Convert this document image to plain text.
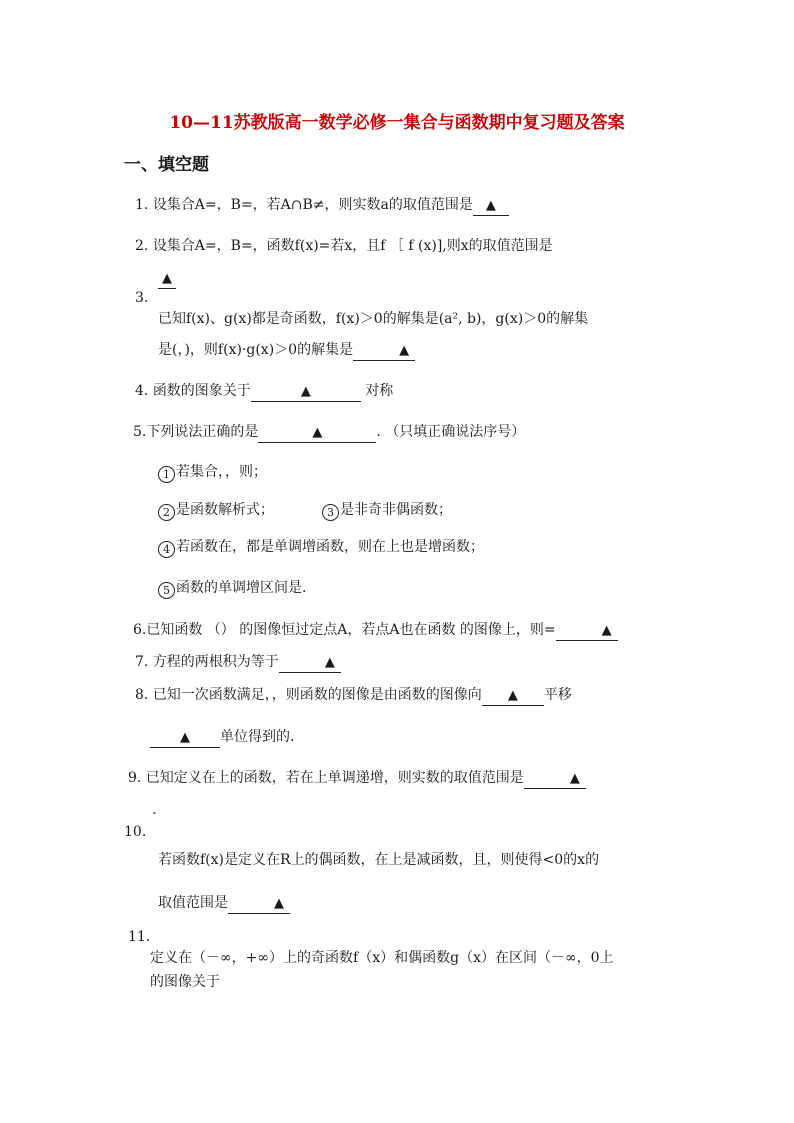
10—11苏教版高一数学必修一集合与函数期中复习题及答案
一、填空题
1. 设集合A=，B=，若A∩B≠，则实数a的取值范围是 ▲
2. 设集合A=，B=，函数f(x)=若x，且f ［ f (x)],则x的取值范围是
▲
3.
已知f(x)、g(x)都是奇函数，f(x)＞0的解集是(a², b)，g(x)＞0的解集
是(，)，则f(x)·g(x)＞0的解集是	▲
4. 函数的图象关于	▲	对称
5.下列说法正确的是	▲	. （只填正确说法序号）
1 若集合，，则；
2 是函数解析式；	3 是非奇非偶函数；
4 若函数在，都是单调增函数，则在上也是增函数；
5 函数的单调增区间是.
6.已知函数 （） 的图像恒过定点A，若点A也在函数 的图像上，则=	▲
7. 方程的两根积为等于	▲
8. 已知一次函数满足，，则函数的图像是由函数的图像向 ▲ 平移
▲ 单位得到的.
9. 已知定义在上的函数，若在上单调递增，则实数的取值范围是	▲
.
10.
若函数f(x)是定义在R上的偶函数，在上是减函数，且，则使得<0的x的
取值范围是	▲
11.
定义在（－∞，+∞）上的奇函数f（x）和偶函数g（x）在区间（－∞，0上
的图像关于
